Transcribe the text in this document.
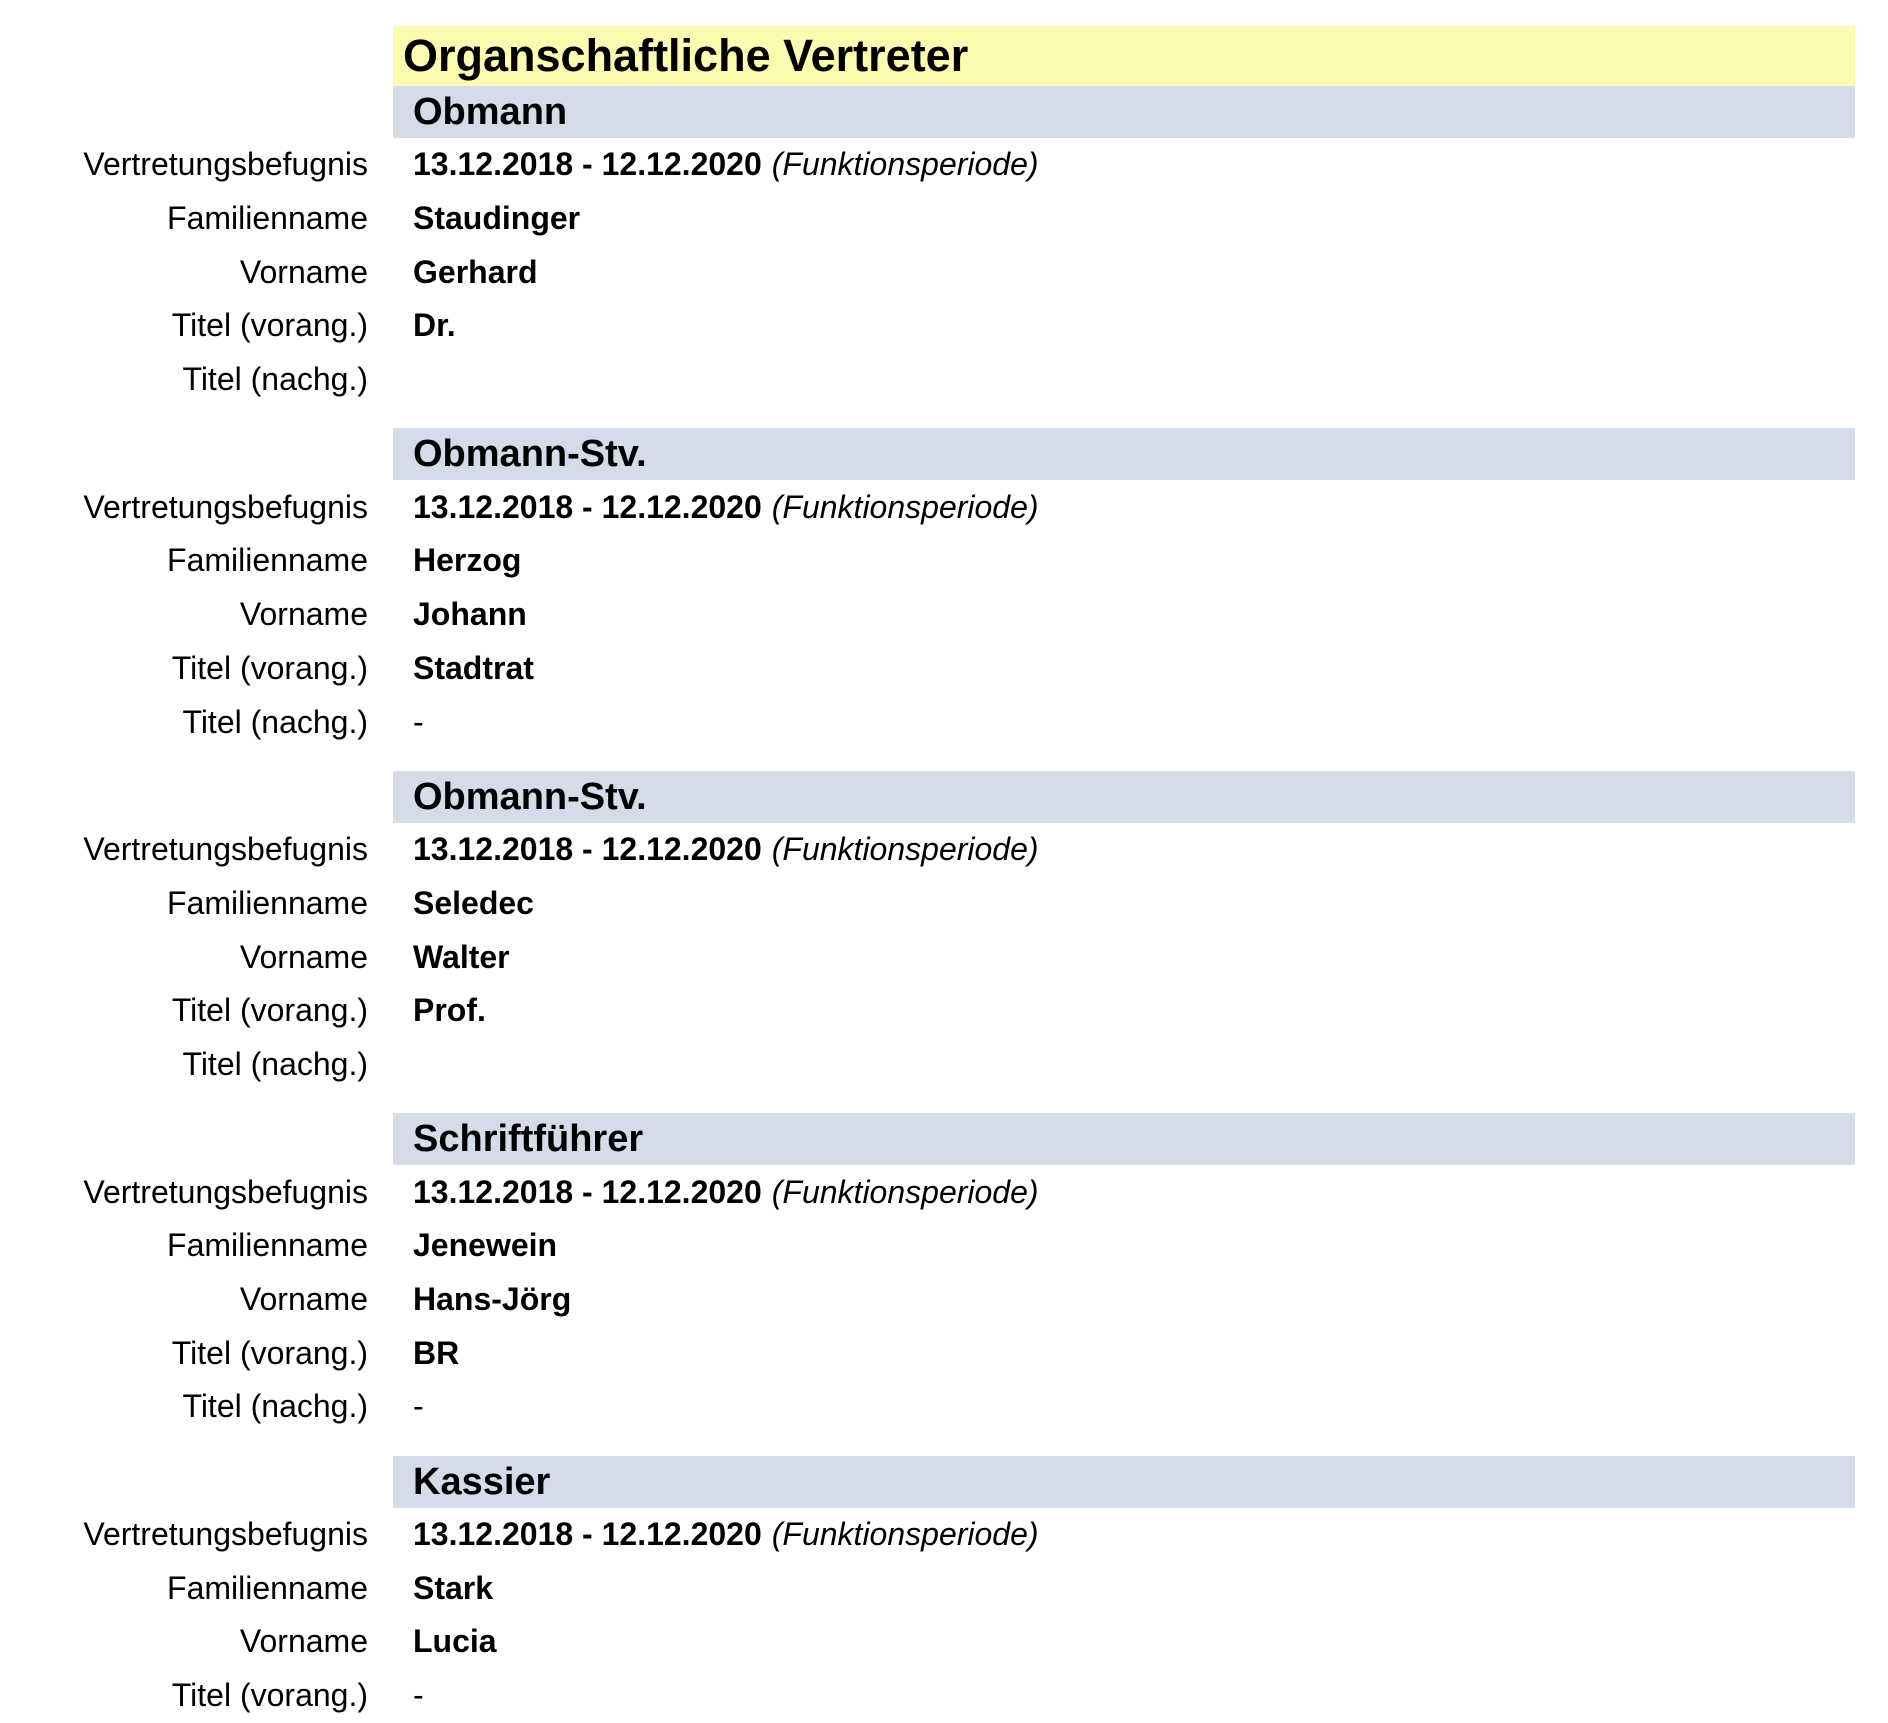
Organschaftliche Vertreter
Obmann
Vertretungsbefugnis 13.12.2018 - 12.12.2020 (Funktionsperiode)
Familienname Staudinger
Vorname Gerhard
Titel (vorang.) Dr.
Titel (nachg.)
Obmann-Stv.
Vertretungsbefugnis 13.12.2018 - 12.12.2020 (Funktionsperiode)
Familienname Herzog
Vorname Johann
Titel (vorang.) Stadtrat
Titel (nachg.) -
Obmann-Stv.
Vertretungsbefugnis 13.12.2018 - 12.12.2020 (Funktionsperiode)
Familienname Seledec
Vorname Walter
Titel (vorang.) Prof.
Titel (nachg.)
Schriftführer
Vertretungsbefugnis 13.12.2018 - 12.12.2020 (Funktionsperiode)
Familienname Jenewein
Vorname Hans-Jörg
Titel (vorang.) BR
Titel (nachg.) -
Kassier
Vertretungsbefugnis 13.12.2018 - 12.12.2020 (Funktionsperiode)
Familienname Stark
Vorname Lucia
Titel (vorang.) -
